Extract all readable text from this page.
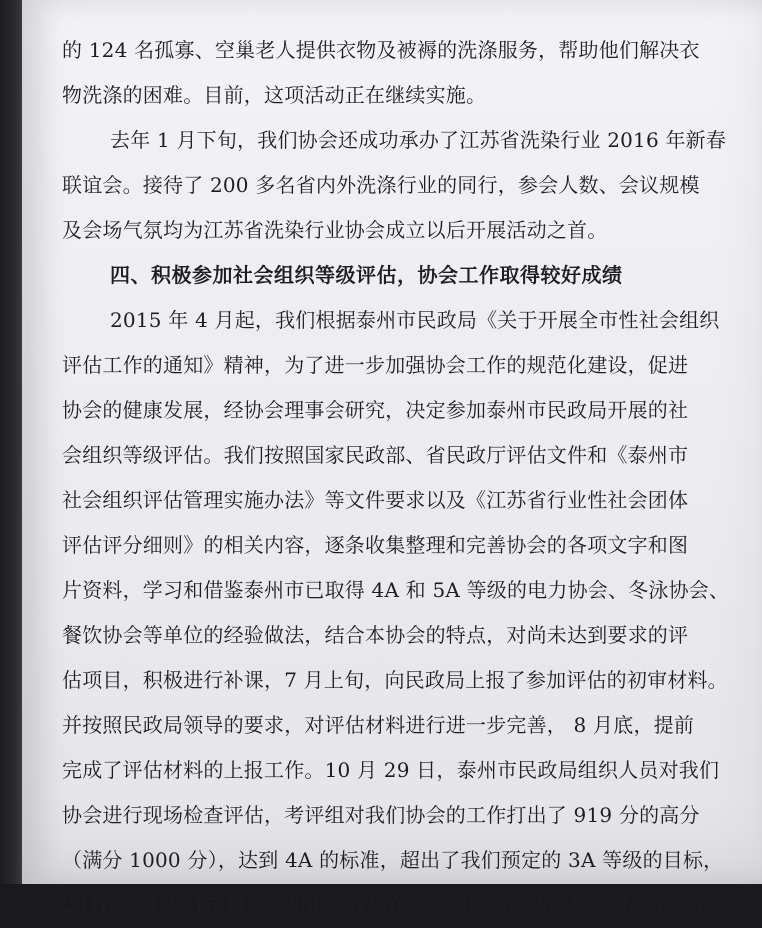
的 124 名孤寡、空巢老人提供衣物及被褥的洗涤服务，帮助他们解决衣
物洗涤的困难。目前，这项活动正在继续实施。
去年 1 月下旬，我们协会还成功承办了江苏省洗染行业 2016 年新春
联谊会。接待了 200 多名省内外洗涤行业的同行，参会人数、会议规模
及会场气氛均为江苏省洗染行业协会成立以后开展活动之首。
四、积极参加社会组织等级评估，协会工作取得较好成绩
2015 年 4 月起，我们根据泰州市民政局《关于开展全市性社会组织
评估工作的通知》精神，为了进一步加强协会工作的规范化建设，促进
协会的健康发展，经协会理事会研究，决定参加泰州市民政局开展的社
会组织等级评估。我们按照国家民政部、省民政厅评估文件和《泰州市
社会组织评估管理实施办法》等文件要求以及《江苏省行业性社会团体
评估评分细则》的相关内容，逐条收集整理和完善协会的各项文字和图
片资料，学习和借鉴泰州市已取得 4A 和 5A 等级的电力协会、冬泳协会、
餐饮协会等单位的经验做法，结合本协会的特点，对尚未达到要求的评
估项目，积极进行补课，7 月上旬，向民政局上报了参加评估的初审材料。
并按照民政局领导的要求，对评估材料进行进一步完善， 8 月底，提前
完成了评估材料的上报工作。10 月 29 日，泰州市民政局组织人员对我们
协会进行现场检查评估，考评组对我们协会的工作打出了 919 分的高分
（满分 1000 分），达到 4A 的标准，超出了我们预定的 3A 等级的目标，
2016 年 1 月 15 日，泰州市民政局在金陵国际大酒店二楼聚贤厅举行了隆
